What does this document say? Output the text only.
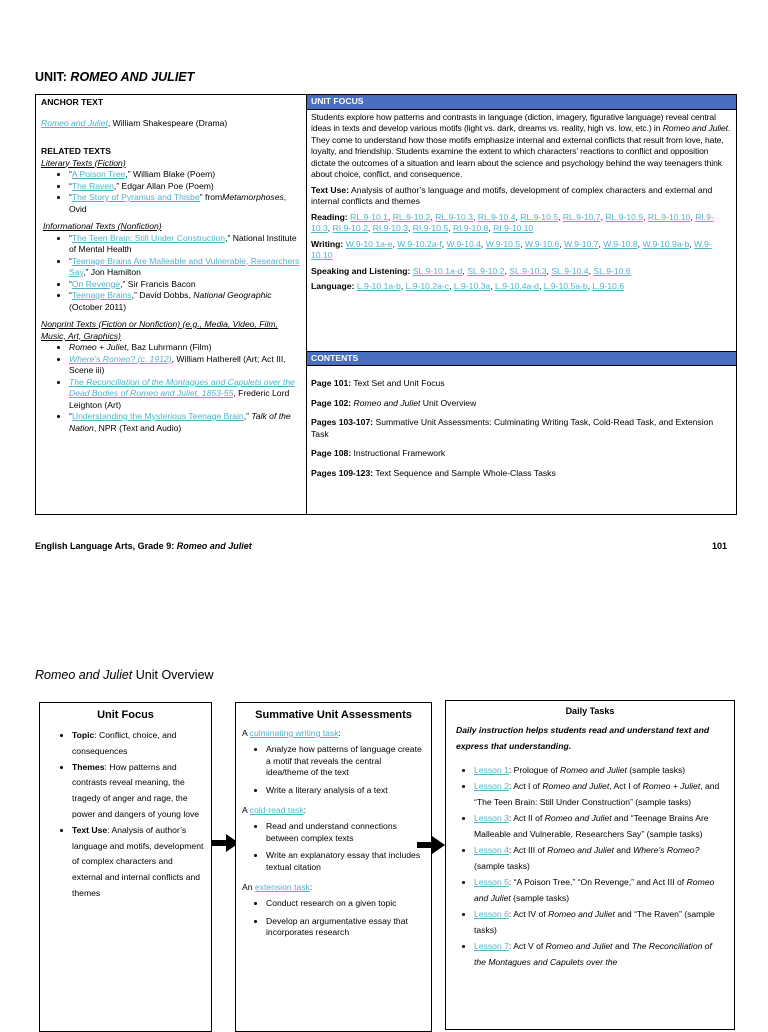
UNIT: ROMEO AND JULIET
ANCHOR TEXT
Romeo and Juliet, William Shakespeare (Drama)
RELATED TEXTS
Literary Texts (Fiction)
• “A Poison Tree,” William Blake (Poem)
• “The Raven,” Edgar Allan Poe (Poem)
• “The Story of Pyramus and Thisbe” fromMetamorphoses, Ovid
Informational Texts (Nonfiction)
• “The Teen Brain: Still Under Construction,” National Institute of Mental Health
• “Teenage Brains Are Malleable and Vulnerable, Researchers Say,” Jon Hamilton
• “On Revenge,” Sir Francis Bacon
• “Teenage Brains,” David Dobbs, National Geographic (October 2011)
Nonprint Texts (Fiction or Nonfiction) (e.g., Media, Video, Film, Music, Art, Graphics)
• Romeo + Juliet, Baz Luhrmann (Film)
• Where’s Romeo? (c. 1912), William Hatherell (Art; Act III, Scene iii)
• The Reconciliation of the Montagues and Capulets over the Dead Bodies of Romeo and Juliet, 1853-55, Frederic Lord Leighton (Art)
• “Understanding the Mysterious Teenage Brain,” Talk of the Nation, NPR (Text and Audio)
UNIT FOCUS
Students explore how patterns and contrasts in language (diction, imagery, figurative language) reveal central ideas in texts and develop various motifs (light vs. dark, dreams vs. reality, high vs. low, etc.) in Romeo and Juliet. They come to understand how those motifs emphasize internal and external conflicts that result from love, hate, loyalty, and friendship. Students examine the extent to which characters’ reactions to conflict and opposition dictate the outcomes of a situation and learn about the science and psychology behind the way teenagers think about choice, conflict, and consequence.
Text Use: Analysis of author’s language and motifs, development of complex characters and external and internal conflicts and themes
Reading: RL.9-10.1, RL.9-10.2, RL.9-10.3, RL.9-10.4, RL.9-10.5, RL.9-10.7, RL.9-10.9, RL.9-10.10, RI.9-10.3, RI.9-10.2, RI.9-10.3, RI.9-10.5, RI.9-10.8, RI.9-10.10
Writing: W.9-10.1a-e, W.9-10.2a-f, W.9-10.4, W.9-10.5, W.9-10.6, W.9-10.7, W.9-10.8, W.9-10.9a-b, W.9-10.10
Speaking and Listening: SL.9-10.1a-d, SL.9-10.2, SL.9-10.3, SL.9-10.4, SL.9-10.6
Language: L.9-10.1a-b, L.9-10.2a-c, L.9-10.3a, L.9-10.4a-d, L.9-10.5a-b, L.9-10.6
CONTENTS
Page 101: Text Set and Unit Focus
Page 102: Romeo and Juliet Unit Overview
Pages 103-107: Summative Unit Assessments: Culminating Writing Task, Cold-Read Task, and Extension Task
Page 108: Instructional Framework
Pages 109-123: Text Sequence and Sample Whole-Class Tasks
English Language Arts, Grade 9: Romeo and Juliet	101
Romeo and Juliet Unit Overview
Unit Focus
• Topic: Conflict, choice, and consequences
• Themes: How patterns and contrasts reveal meaning, the tragedy of anger and rage, the power and dangers of young love
• Text Use: Analysis of author’s language and motifs, development of complex characters and external and internal conflicts and themes
Summative Unit Assessments
A culminating writing task:
• Analyze how patterns of language create a motif that reveals the central idea/theme of the text
• Write a literary analysis of a text
A cold-read task:
• Read and understand connections between complex texts
• Write an explanatory essay that includes textual citation
An extension task:
• Conduct research on a given topic
• Develop an argumentative essay that incorporates research
Daily Tasks
Daily instruction helps students read and understand text and express that understanding.
• Lesson 1: Prologue of Romeo and Juliet (sample tasks)
• Lesson 2: Act I of Romeo and Juliet, Act I of Romeo + Juliet, and “The Teen Brain: Still Under Construction” (sample tasks)
• Lesson 3: Act II of Romeo and Juliet and “Teenage Brains Are Malleable and Vulnerable, Researchers Say” (sample tasks)
• Lesson 4: Act III of Romeo and Juliet and Where’s Romeo? (sample tasks)
• Lesson 5: “A Poison Tree,” “On Revenge,” and Act III of Romeo and Juliet (sample tasks)
• Lesson 6: Act IV of Romeo and Juliet and “The Raven” (sample tasks)
• Lesson 7: Act V of Romeo and Juliet and The Reconciliation of the Montagues and Capulets over the
